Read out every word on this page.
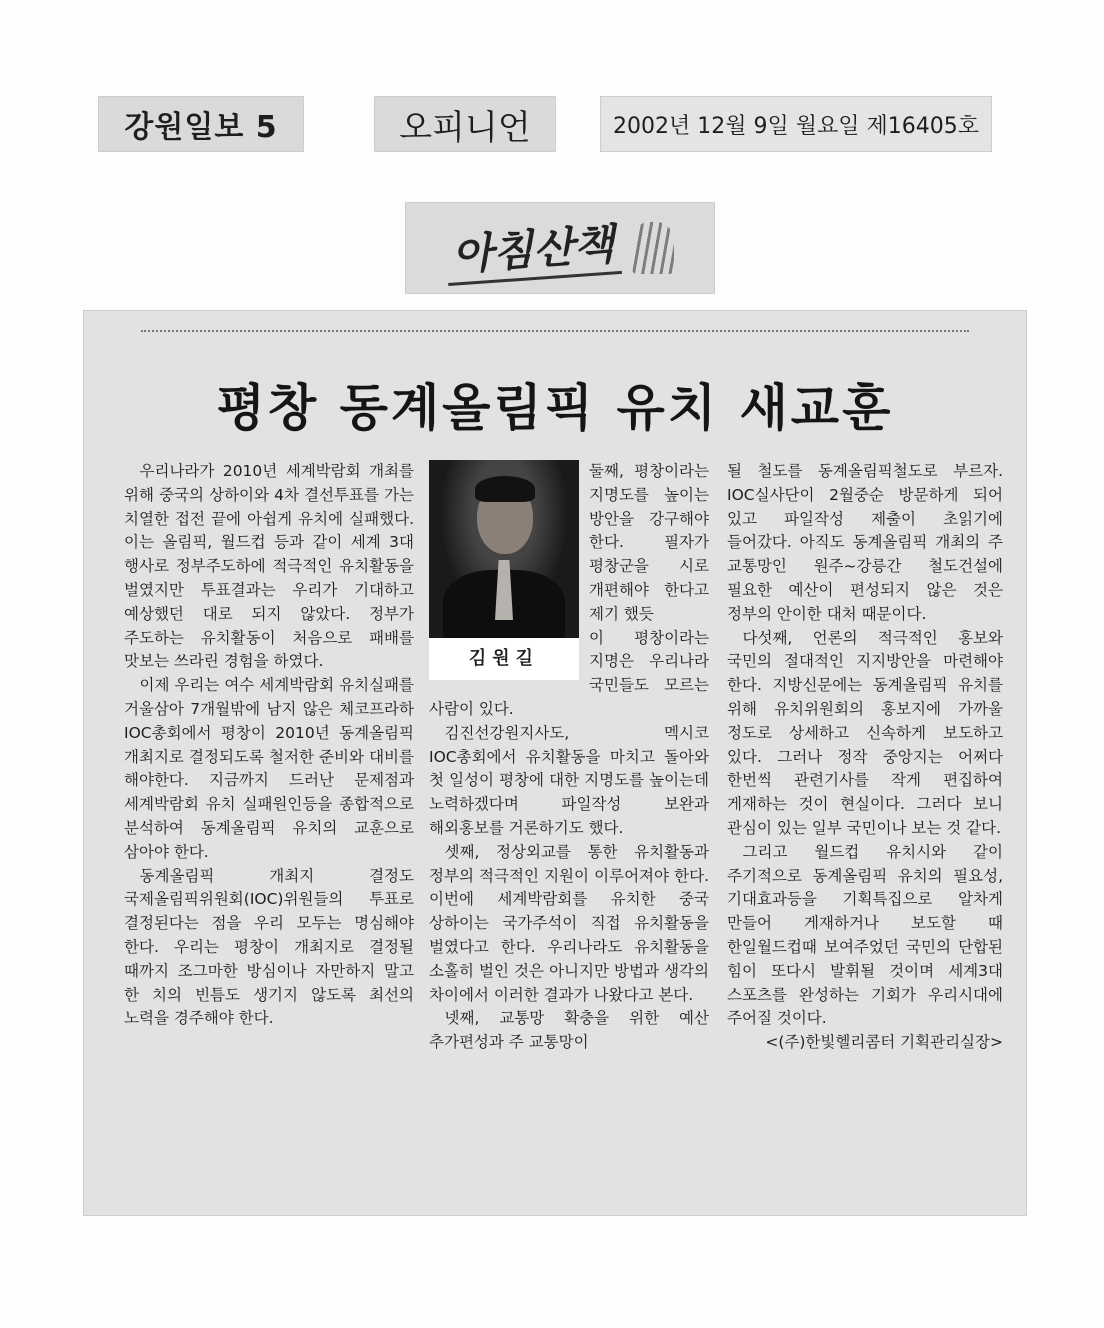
강원일보 5	오피니언	2002년 12월 9일 월요일 제16405호
아침산책
평창 동계올림픽 유치 새교훈

우리나라가 2010년 세계박람회 개최를 위해 중국의 상하이와 4차 결선투표를 가는 치열한 접전 끝에 아쉽게 유치에 실패했다. 이는 올림픽, 월드컵 등과 같이 세계 3대 행사로 정부주도하에 적극적인 유치활동을 벌였지만 투표결과는 우리가 기대하고 예상했던 대로 되지 않았다. 정부가 주도하는 유치활동이 처음으로 패배를 맛보는 쓰라린 경험을 하였다.

이제 우리는 여수 세계박람회 유치실패를 거울삼아 7개월밖에 남지 않은 체코프라하 IOC총회에서 평창이 2010년 동계올림픽 개최지로 결정되도록 철저한 준비와 대비를 해야한다. 지금까지 드러난 문제점과 세계박람회 유치 실패원인등을 종합적으로 분석하여 동계올림픽 유치의 교훈으로 삼아야 한다.

동계올림픽 개최지 결정도 국제올림픽위원회(IOC)위원들의 투표로 결정된다는 점을 우리 모두는 명심해야 한다. 우리는 평창이 개최지로 결정될 때까지 조그마한 방심이나 자만하지 말고 한 치의 빈틈도 생기지 않도록 최선의 노력을 경주해야 한다.

김원길

둘째, 평창이라는 지명도를 높이는 방안을 강구해야 한다. 필자가 평창군을 시로 개편해야 한다고 제기 했듯

이 평창이라는 지명은 우리나라 국민들도 모르는 사람이 있다.

김진선강원지사도, 멕시코 IOC총회에서 유치활동을 마치고 돌아와 첫 일성이 평창에 대한 지명도를 높이는데 노력하겠다며 파일작성 보완과 해외홍보를 거론하기도 했다.

셋째, 정상외교를 통한 유치활동과 정부의 적극적인 지원이 이루어져야 한다. 이번에 세계박람회를 유치한 중국 상하이는 국가주석이 직접 유치활동을 벌였다고 한다. 우리나라도 유치활동을 소홀히 벌인 것은 아니지만 방법과 생각의 차이에서 이러한 결과가 나왔다고 본다.

넷째, 교통망 확충을 위한 예산 추가편성과 주 교통망이

될 철도를 동계올림픽철도로 부르자. IOC실사단이 2월중순 방문하게 되어 있고 파일작성 제출이 초읽기에 들어갔다. 아직도 동계올림픽 개최의 주 교통망인 원주~강릉간 철도건설에 필요한 예산이 편성되지 않은 것은 정부의 안이한 대처 때문이다.

다섯째, 언론의 적극적인 홍보와 국민의 절대적인 지지방안을 마련해야 한다. 지방신문에는 동계올림픽 유치를 위해 유치위원회의 홍보지에 가까울 정도로 상세하고 신속하게 보도하고 있다. 그러나 정작 중앙지는 어쩌다 한번씩 관련기사를 작게 편집하여 게재하는 것이 현실이다. 그러다 보니 관심이 있는 일부 국민이나 보는 것 같다.

그리고 월드컵 유치시와 같이 주기적으로 동계올림픽 유치의 필요성, 기대효과등을 기획특집으로 알차게 만들어 게재하거나 보도할 때 한일월드컵때 보여주었던 국민의 단합된 힘이 또다시 발휘될 것이며 세계3대 스포츠를 완성하는 기회가 우리시대에 주어질 것이다.

<(주)한빛헬리콤터 기획관리실장>
